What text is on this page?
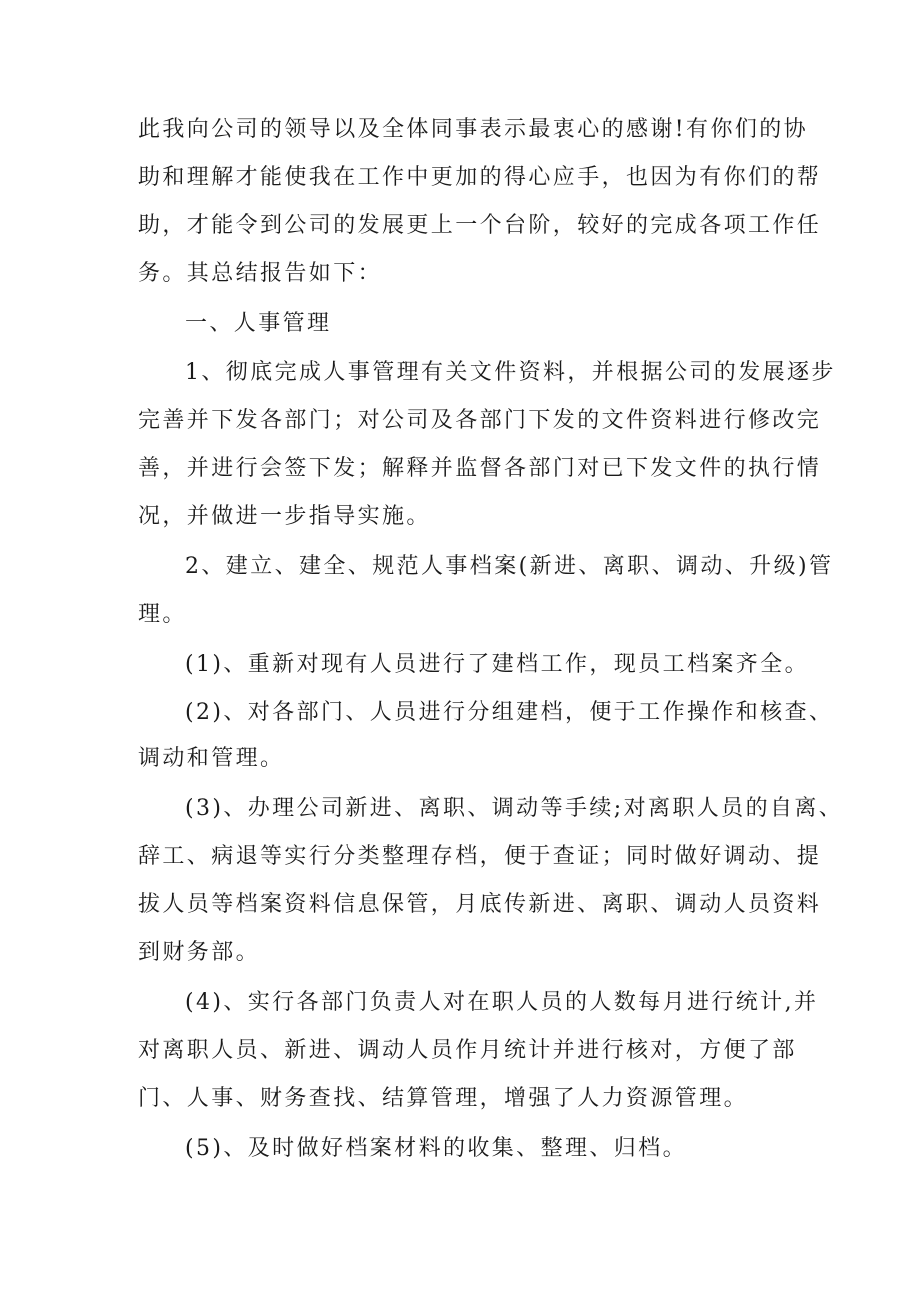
此我向公司的领导以及全体同事表示最衷心的感谢!有你们的协
助和理解才能使我在工作中更加的得心应手，也因为有你们的帮
助，才能令到公司的发展更上一个台阶，较好的完成各项工作任
务。其总结报告如下：
一、人事管理
1、彻底完成人事管理有关文件资料，并根据公司的发展逐步
完善并下发各部门；对公司及各部门下发的文件资料进行修改完
善，并进行会签下发；解释并监督各部门对已下发文件的执行情
况，并做进一步指导实施。
2、建立、建全、规范人事档案(新进、离职、调动、升级)管
理。
(1)、重新对现有人员进行了建档工作，现员工档案齐全。
(2)、对各部门、人员进行分组建档，便于工作操作和核查、
调动和管理。
(3)、办理公司新进、离职、调动等手续;对离职人员的自离、
辞工、病退等实行分类整理存档，便于查证；同时做好调动、提
拔人员等档案资料信息保管，月底传新进、离职、调动人员资料
到财务部。
(4)、实行各部门负责人对在职人员的人数每月进行统计,并
对离职人员、新进、调动人员作月统计并进行核对，方便了部
门、人事、财务查找、结算管理，增强了人力资源管理。
(5)、及时做好档案材料的收集、整理、归档。
